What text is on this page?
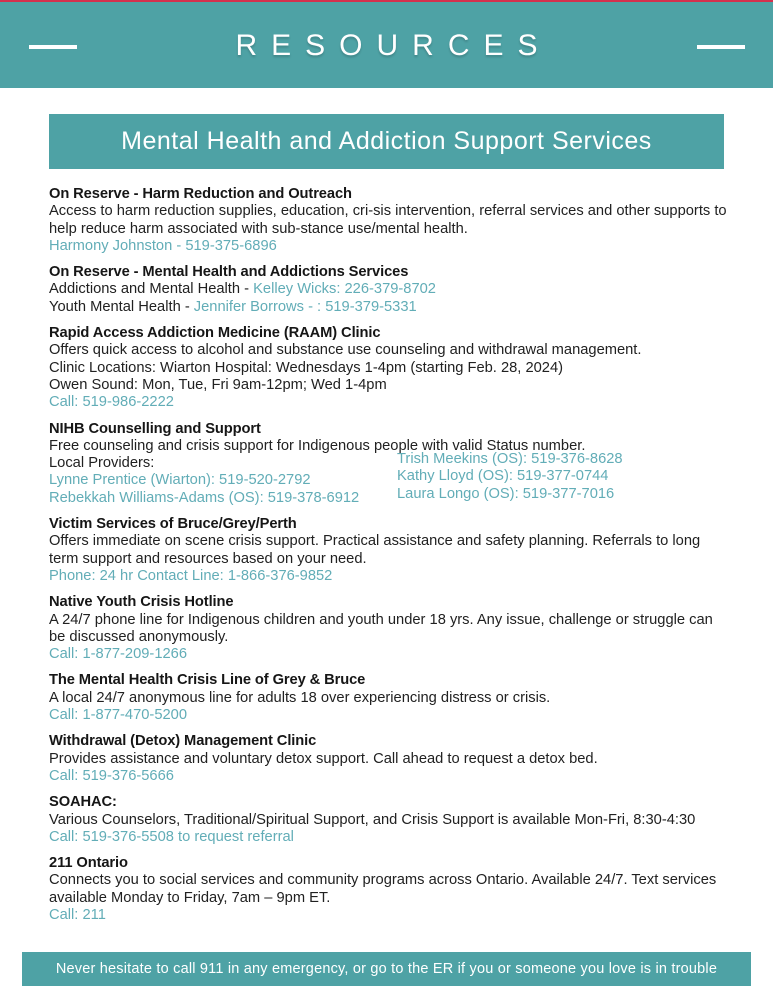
RESOURCES
Mental Health and Addiction Support Services
On Reserve - Harm Reduction and Outreach
Access to harm reduction supplies, education, cri-sis intervention, referral services and other supports to help reduce harm associated with sub-stance use/mental health.
Harmony Johnston - 519-375-6896
On Reserve - Mental Health and Addictions Services
Addictions and Mental Health - Kelley Wicks: 226-379-8702
Youth Mental Health - Jennifer Borrows - : 519-379-5331
Rapid Access Addiction Medicine (RAAM) Clinic
Offers quick access to alcohol and substance use counseling and withdrawal management.
Clinic Locations: Wiarton Hospital: Wednesdays 1-4pm (starting Feb. 28, 2024)
Owen Sound: Mon, Tue, Fri 9am-12pm; Wed 1-4pm
Call: 519-986-2222
NIHB Counselling and Support
Free counseling and crisis support for Indigenous people with valid Status number.
Local Providers:
Lynne Prentice (Wiarton): 519-520-2792
Rebekkah Williams-Adams (OS): 519-378-6912
Trish Meekins (OS): 519-376-8628
Kathy Lloyd (OS): 519-377-0744
Laura Longo (OS): 519-377-7016
Victim Services of Bruce/Grey/Perth
Offers immediate on scene crisis support. Practical assistance and safety planning. Referrals to long term support and resources based on your need.
Phone: 24 hr Contact Line: 1-866-376-9852
Native Youth Crisis Hotline
A 24/7 phone line for Indigenous children and youth under 18 yrs. Any issue, challenge or struggle can be discussed anonymously.
Call: 1-877-209-1266
The Mental Health Crisis Line of Grey & Bruce
A local 24/7 anonymous line for adults 18 over experiencing distress or crisis.
Call: 1-877-470-5200
Withdrawal (Detox) Management Clinic
Provides assistance and voluntary detox support. Call ahead to request a detox bed.
Call: 519-376-5666
SOAHAC:
Various Counselors, Traditional/Spiritual Support, and Crisis Support is available Mon-Fri, 8:30-4:30
Call: 519-376-5508 to request referral
211 Ontario
Connects you to social services and community programs across Ontario. Available 24/7. Text services available Monday to Friday, 7am – 9pm ET.
Call: 211
Never hesitate to call 911 in any emergency, or go to the ER if you or someone you love is in trouble
